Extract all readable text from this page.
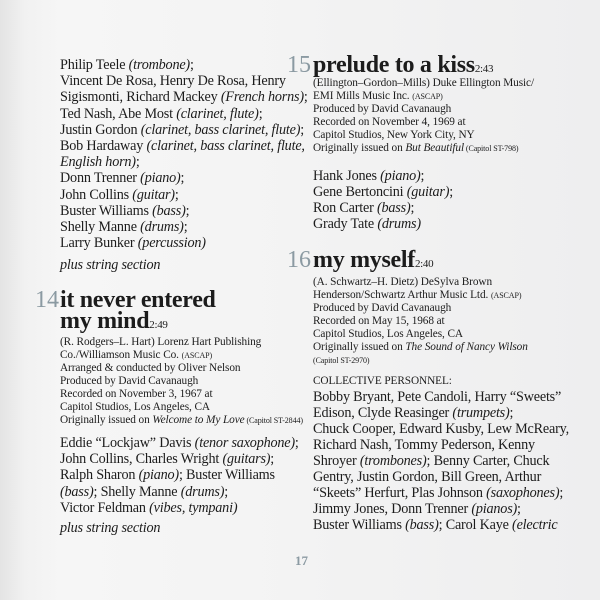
Philip Teele (trombone);
Vincent De Rosa, Henry De Rosa, Henry
Sigismonti, Richard Mackey (French horns);
Ted Nash, Abe Most (clarinet, flute);
Justin Gordon (clarinet, bass clarinet, flute);
Bob Hardaway (clarinet, bass clarinet, flute,
English horn);
Donn Trenner (piano);
John Collins (guitar);
Buster Williams (bass);
Shelly Manne (drums);
Larry Bunker (percussion)
plus string section
14 it never entered
my mind2:49
(R. Rodgers–L. Hart) Lorenz Hart Publishing
Co./Williamson Music Co. (ASCAP)
Arranged & conducted by Oliver Nelson
Produced by David Cavanaugh
Recorded on November 3, 1967 at
Capitol Studios, Los Angeles, CA
Originally issued on Welcome to My Love (Capitol ST-2844)
Eddie “Lockjaw” Davis (tenor saxophone);
John Collins, Charles Wright (guitars);
Ralph Sharon (piano); Buster Williams
(bass); Shelly Manne (drums);
Victor Feldman (vibes, tympani)
plus string section
15 prelude to a kiss2:43
(Ellington–Gordon–Mills) Duke Ellington Music/
EMI Mills Music Inc. (ASCAP)
Produced by David Cavanaugh
Recorded on November 4, 1969 at
Capitol Studios, New York City, NY
Originally issued on But Beautiful (Capitol ST-798)
Hank Jones (piano);
Gene Bertoncini (guitar);
Ron Carter (bass);
Grady Tate (drums)
16 my myself2:40
(A. Schwartz–H. Dietz) DeSylva Brown
Henderson/Schwartz Arthur Music Ltd. (ASCAP)
Produced by David Cavanaugh
Recorded on May 15, 1968 at
Capitol Studios, Los Angeles, CA
Originally issued on The Sound of Nancy Wilson
(Capitol ST-2970)
COLLECTIVE PERSONNEL:
Bobby Bryant, Pete Candoli, Harry “Sweets”
Edison, Clyde Reasinger (trumpets);
Chuck Cooper, Edward Kusby, Lew McReary,
Richard Nash, Tommy Pederson, Kenny
Shroyer (trombones); Benny Carter, Chuck
Gentry, Justin Gordon, Bill Green, Arthur
“Skeets” Herfurt, Plas Johnson (saxophones);
Jimmy Jones, Donn Trenner (pianos);
Buster Williams (bass); Carol Kaye (electric
17
